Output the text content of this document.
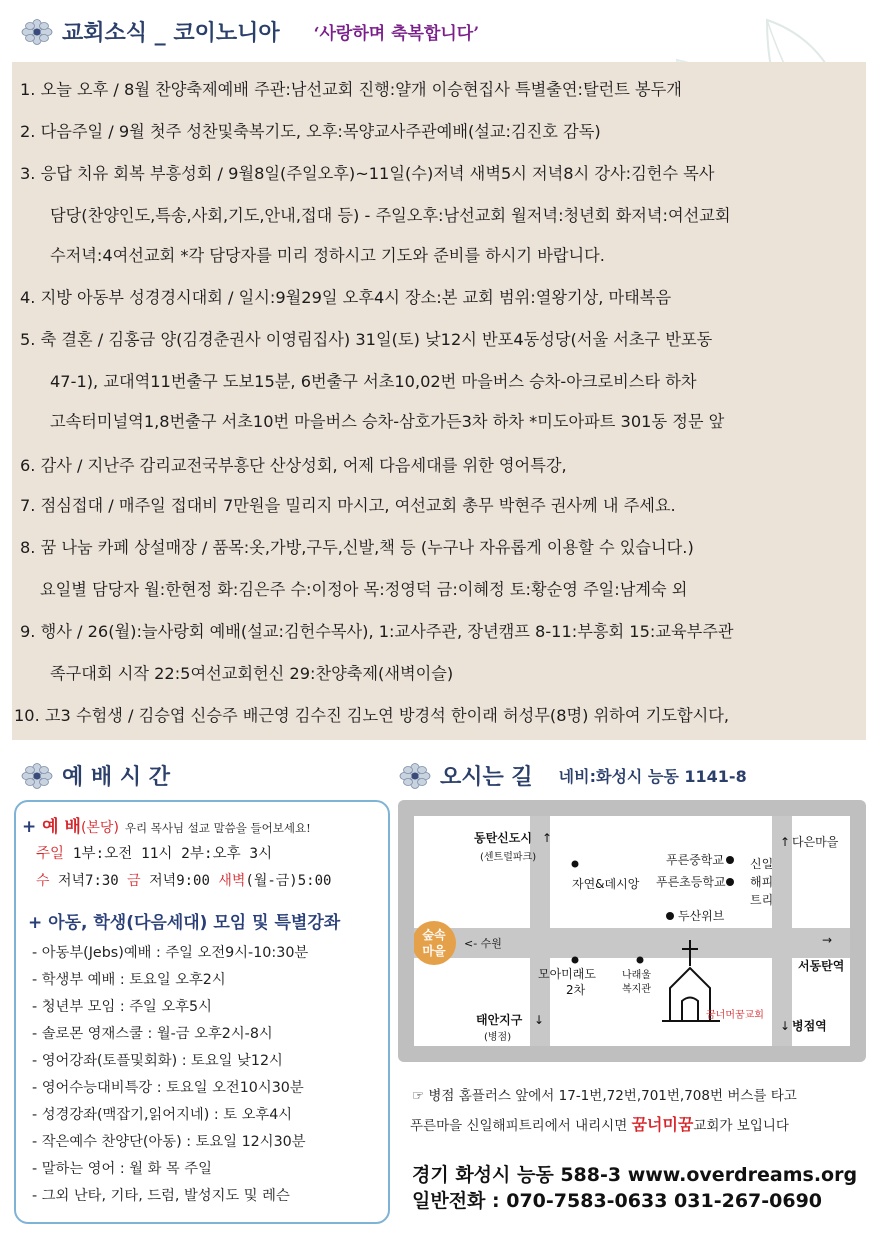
교회소식 _ 코이노니아 ‘사랑하며 축복합니다’

1. 오늘 오후 / 8월 찬양축제예배 주관:남선교회 진행:얄개 이승현집사 특별출연:탈런트 봉두개

2. 다음주일 / 9월 첫주 성찬및축복기도, 오후:목양교사주관예배(설교:김진호 감독)

3. 응답 치유 회복 부흥성회 / 9월8일(주일오후)~11일(수)저녁 새벽5시 저녁8시 강사:김헌수 목사

담당(찬양인도,특송,사회,기도,안내,접대 등) - 주일오후:남선교회 월저녁:청년회 화저녁:여선교회

수저녁:4여선교회 *각 담당자를 미리 정하시고 기도와 준비를 하시기 바랍니다.

4. 지방 아동부 성경경시대회 / 일시:9월29일 오후4시 장소:본 교회 범위:열왕기상, 마태복음

5. 축 결혼 / 김홍금 양(김경춘권사 이영림집사) 31일(토) 낮12시 반포4동성당(서울 서초구 반포동

47-1), 교대역11번출구 도보15분, 6번출구 서초10,02번 마을버스 승차-아크로비스타 하차

고속터미널역1,8번출구 서초10번 마을버스 승차-삼호가든3차 하차 *미도아파트 301동 정문 앞

6. 감사 / 지난주 감리교전국부흥단 산상성회, 어제 다음세대를 위한 영어특강,

7. 점심접대 / 매주일 접대비 7만원을 밀리지 마시고, 여선교회 총무 박현주 권사께 내 주세요.

8. 꿈 나눔 카페 상설매장 / 품목:옷,가방,구두,신발,책 등 (누구나 자유롭게 이용할 수 있습니다.)

요일별 담당자 월:한현정 화:김은주 수:이정아 목:정영덕 금:이혜정 토:황순영 주일:남계숙 외

9. 행사 / 26(월):늘사랑회 예배(설교:김헌수목사), 1:교사주관, 장년캠프 8-11:부흥회 15:교육부주관

족구대회 시작 22:5여선교회헌신 29:찬양축제(새벽이슬)

10. 고3 수험생 / 김승엽 신승주 배근영 김수진 김노연 방경석 한이래 허성무(8명) 위하여 기도합시다,

예 배 시 간
+ 예 배(본당) 우리 목사님 설교 말씀을 들어보세요!
주일 1부:오전 11시 2부:오후 3시
수 저녁7:30 금 저녁9:00 새벽(월-금)5:00
+ 아동, 학생(다음세대) 모임 및 특별강좌
- 아동부(Jebs)예배 : 주일 오전9시-10:30분
- 학생부 예배 : 토요일 오후2시
- 청년부 모임 : 주일 오후5시
- 솔로몬 영재스쿨 : 월-금 오후2시-8시
- 영어강좌(토플및회화) : 토요일 낮12시
- 영어수능대비특강 : 토요일 오전10시30분
- 성경강좌(맥잡기,읽어지네) : 토 오후4시
- 작은예수 찬양단(아동) : 토요일 12시30분
- 말하는 영어 : 월 화 목 주일
- 그외 난타, 기타, 드럼, 발성지도 및 레슨
오시는 길 네비:화성시 능동 1141-8
숲속
마을
동탄신도시 ↑
(센트럴파크)
자연&데시앙
푸른중학교
푸른초등학교
다은마을
↑
신일
해피
트리
두산위브
<- 수원	→
모아미래도
2차
나래울
복지관
서동탄역
태안지구 ↓
(병점)
↓ 병점역
꿈너머꿈교회
☞ 병점 홈플러스 앞에서 17-1번,72번,701번,708번 버스를 타고
푸른마을 신일해피트리에서 내리시면 꿈너미꿈교회가 보입니다
경기 화성시 능동 588-3 www.overdreams.org
일반전화 : 070-7583-0633 031-267-0690
